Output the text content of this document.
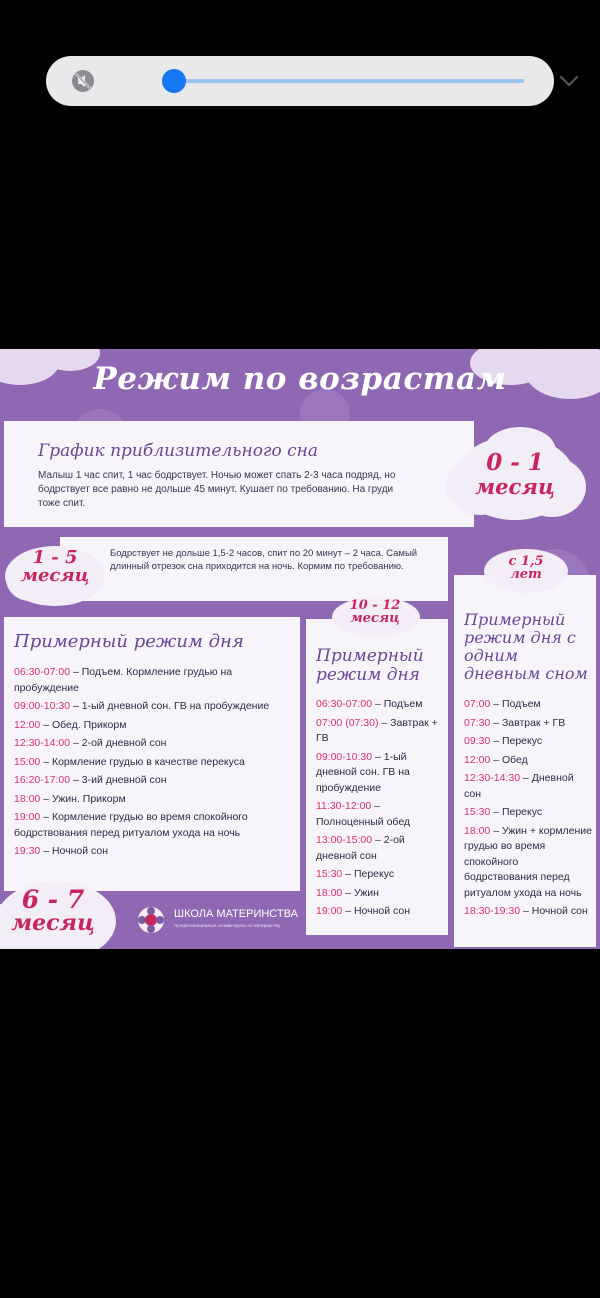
Режим по возрастам
График приблизительного сна
Малыш 1 час спит, 1 час бодрствует. Ночью может спать 2-3 часа подряд, но бодрствует все равно не дольше 45 минут. Кушает по требованию. На груди тоже спит.
0 - 1
месяц
Бодрствует не дольше 1,5-2 часов, спит по 20 минут – 2 часа. Самый длинный отрезок сна приходится на ночь. Кормим по требованию.
1 - 5
месяц
Примерный режим дня
06:30-07:00 – Подъем. Кормление грудью на пробуждение
09:00-10:30 – 1-ый дневной сон. ГВ на пробуждение
12:00 – Обед. Прикорм
12:30-14:00 – 2-ой дневной сон
15:00 – Кормление грудью в качестве перекуса
16:20-17:00 – 3-ий дневной сон
18:00 – Ужин. Прикорм
19:00 – Кормление грудью во время спокойного бодрствования перед ритуалом ухода на ночь
19:30 – Ночной сон
6 - 7
месяц
Примерный режим дня
06:30-07:00 – Подъем
07:00 (07:30) – Завтрак + ГВ
09:00-10:30 – 1-ый дневной сон. ГВ на пробуждение
11:30-12:00 – Полноценный обед
13:00-15:00 – 2-ой дневной сон
15:30 – Перекус
18:00 – Ужин
19:00 – Ночной сон
10 - 12
месяц	Примерный режим дня с одним дневным сном
07:00 – Подъем
07:30 – Завтрак + ГВ
09:30 – Перекус
12:00 – Обед
12:30-14:30 – Дневной сон
15:30 – Перекус
18:00 – Ужин + кормление грудью во время спокойного бодрствования перед ритуалом ухода на ночь
18:30-19:30 – Ночной сон
с 1,5
лет
ШКОЛА МАТЕРИНСТВА
Профессиональные онлайн-курсы по материнству
